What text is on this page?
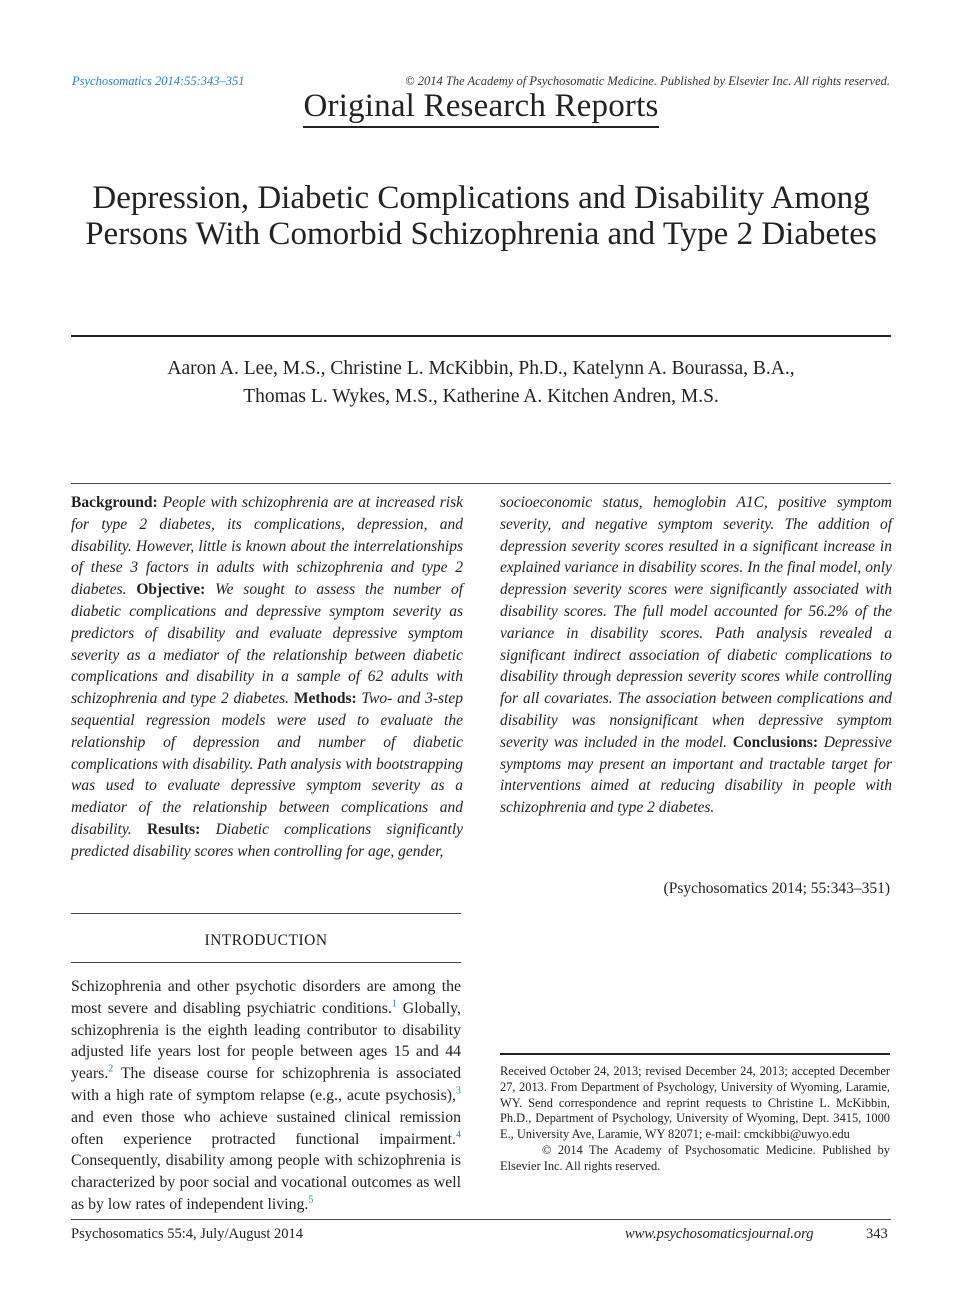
Psychosomatics 2014:55:343–351	© 2014 The Academy of Psychosomatic Medicine. Published by Elsevier Inc. All rights reserved.
Original Research Reports
Depression, Diabetic Complications and Disability Among Persons With Comorbid Schizophrenia and Type 2 Diabetes
Aaron A. Lee, M.S., Christine L. McKibbin, Ph.D., Katelynn A. Bourassa, B.A.,
Thomas L. Wykes, M.S., Katherine A. Kitchen Andren, M.S.
Background: People with schizophrenia are at increased risk for type 2 diabetes, its complications, depression, and disability. However, little is known about the interrelationships of these 3 factors in adults with schizophrenia and type 2 diabetes. Objective: We sought to assess the number of diabetic complications and depressive symptom severity as predictors of disability and evaluate depressive symptom severity as a mediator of the relationship between diabetic complications and disability in a sample of 62 adults with schizophrenia and type 2 diabetes. Methods: Two- and 3-step sequential regression models were used to evaluate the relationship of depression and number of diabetic complications with disability. Path analysis with bootstrapping was used to evaluate depressive symptom severity as a mediator of the relationship between complications and disability. Results: Diabetic complications significantly predicted disability scores when controlling for age, gender,
socioeconomic status, hemoglobin A1C, positive symptom severity, and negative symptom severity. The addition of depression severity scores resulted in a significant increase in explained variance in disability scores. In the final model, only depression severity scores were significantly associated with disability scores. The full model accounted for 56.2% of the variance in disability scores. Path analysis revealed a significant indirect association of diabetic complications to disability through depression severity scores while controlling for all covariates. The association between complications and disability was nonsignificant when depressive symptom severity was included in the model. Conclusions: Depressive symptoms may present an important and tractable target for interventions aimed at reducing disability in people with schizophrenia and type 2 diabetes.
(Psychosomatics 2014; 55:343–351)
INTRODUCTION
Schizophrenia and other psychotic disorders are among the most severe and disabling psychiatric conditions.$^1$ Globally, schizophrenia is the eighth leading contributor to disability adjusted life years lost for people between ages 15 and 44 years.$^2$ The disease course for schizophrenia is associated with a high rate of symptom relapse (e.g., acute psychosis),$^3$ and even those who achieve sustained clinical remission often experience protracted functional impairment.$^4$ Consequently, disability among people with schizophrenia is characterized by poor social and vocational outcomes as well as by low rates of independent living.$^5$
Received October 24, 2013; revised December 24, 2013; accepted December 27, 2013. From Department of Psychology, University of Wyoming, Laramie, WY. Send correspondence and reprint requests to Christine L. McKibbin, Ph.D., Department of Psychology, University of Wyoming, Dept. 3415, 1000 E., University Ave, Laramie, WY 82071; e-mail: cmckibbi@uwyo.edu
© 2014 The Academy of Psychosomatic Medicine. Published by Elsevier Inc. All rights reserved.
Psychosomatics 55:4, July/August 2014	www.psychosomaticsjournal.org	343
